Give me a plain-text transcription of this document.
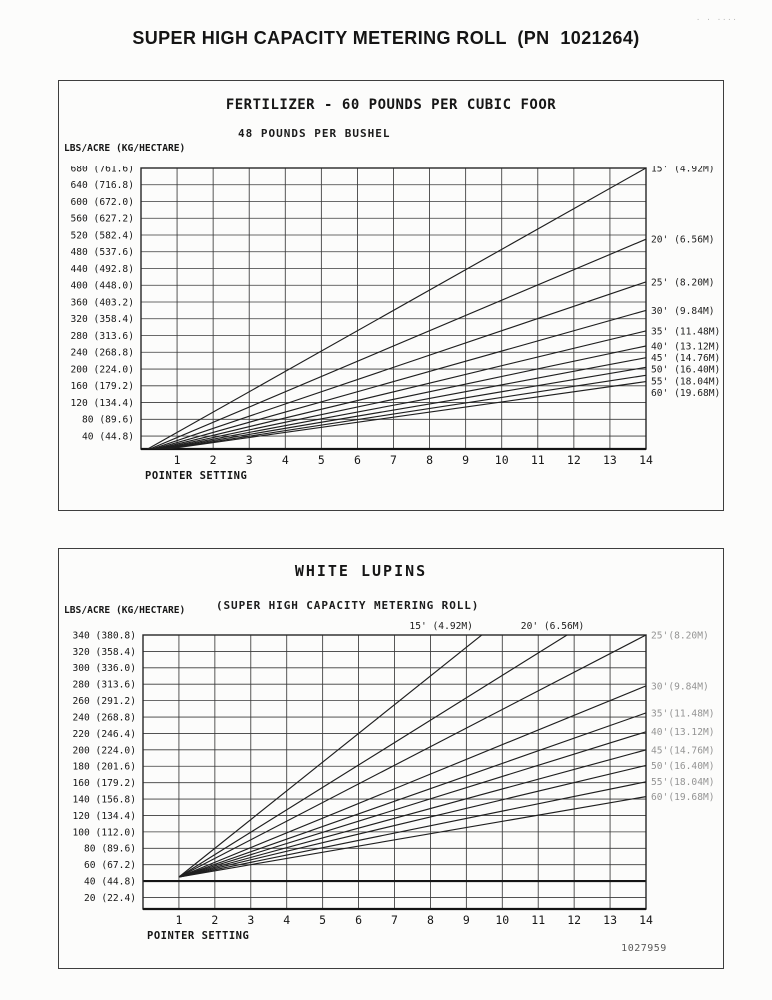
SUPER HIGH CAPACITY METERING ROLL  (PN  1021264)
· · ····
FERTILIZER - 60 POUNDS PER CUBIC FOOR
48 POUNDS PER BUSHEL
LBS/ACRE (KG/HECTARE)
1	2	3	4	5	6	7	8	9 10 11 12 13 14
680 (761.6)
640 (716.8)
600 (672.0)
560 (627.2)
520 (582.4)
480 (537.6)
440 (492.8)
400 (448.0)
360 (403.2)
320 (358.4)
280 (313.6)
240 (268.8)
200 (224.0)
160 (179.2)
120 (134.4)
80 (89.6)
40 (44.8)
15' (4.92M)
20' (6.56M)
25' (8.20M)
30' (9.84M)
35' (11.48M)
40' (13.12M)
45' (14.76M)
50' (16.40M)
55' (18.04M)
60' (19.68M)
POINTER SETTING
WHITE LUPINS
(SUPER HIGH CAPACITY METERING ROLL)
LBS/ACRE (KG/HECTARE)
1	2	3	4	5	6	7	8	9 10 11 12 13 14
340 (380.8)
320 (358.4)
300 (336.0)
280 (313.6)
260 (291.2)
240 (268.8)
220 (246.4)
200 (224.0)
180 (201.6)
160 (179.2)
140 (156.8)
120 (134.4)
100 (112.0)
80 (89.6)
60 (67.2)
40 (44.8)
20 (22.4)
15' (4.92M)	20' (6.56M)
25'(8.20M)
30'(9.84M)
35'(11.48M)
40'(13.12M)
45'(14.76M)
50'(16.40M)
55'(18.04M)
60'(19.68M)
POINTER SETTING
1027959
